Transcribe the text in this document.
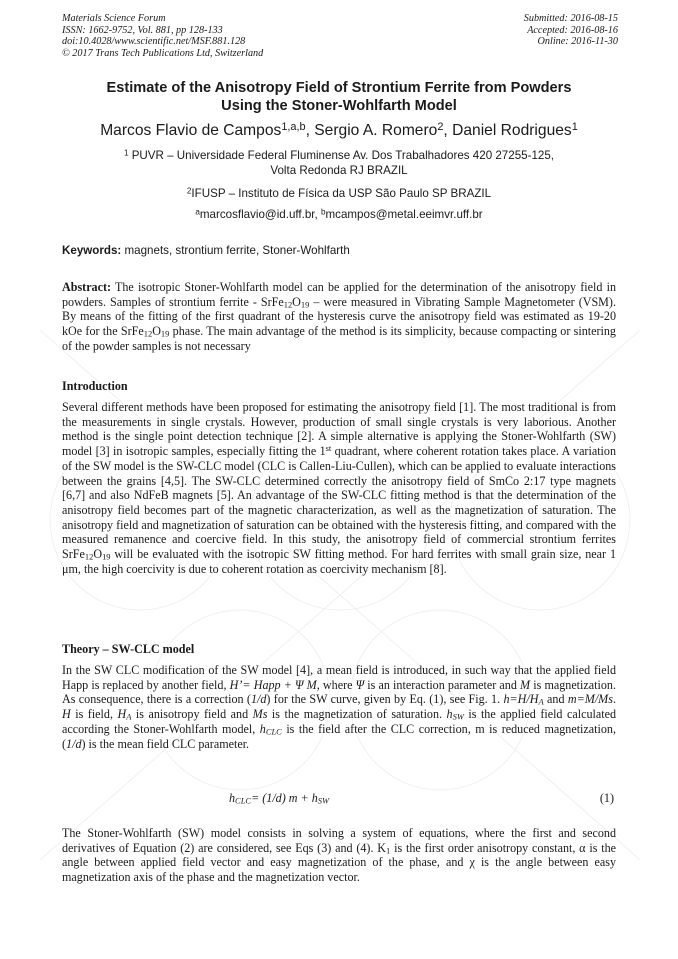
Materials Science Forum
ISSN: 1662-9752, Vol. 881, pp 128-133
doi:10.4028/www.scientific.net/MSF.881.128
© 2017 Trans Tech Publications Ltd, Switzerland
Submitted: 2016-08-15
Accepted: 2016-08-16
Online: 2016-11-30
Estimate of the Anisotropy Field of Strontium Ferrite from Powders
Using the Stoner-Wohlfarth Model
Marcos Flavio de Campos$^{1,a,b}$, Sergio A. Romero$^2$, Daniel Rodrigues$^1$
$^1$ PUVR – Universidade Federal Fluminense Av. Dos Trabalhadores 420 27255-125,
Volta Redonda RJ BRAZIL
$^2$IFUSP – Instituto de Física da USP São Paulo SP BRAZIL
$^a$marcosflavio@id.uff.br, $^b$mcampos@metal.eeimvr.uff.br
Keywords: magnets, strontium ferrite, Stoner-Wohlfarth
Abstract: The isotropic Stoner-Wohlfarth model can be applied for the determination of the anisotropy field in powders. Samples of strontium ferrite - $SrFe_{12}O_{19}$ – were measured in Vibrating Sample Magnetometer (VSM). By means of the fitting of the first quadrant of the hysteresis curve the anisotropy field was estimated as 19-20 kOe for the $SrFe_{12}O_{19}$ phase. The main advantage of the method is its simplicity, because compacting or sintering of the powder samples is not necessary
Introduction
Several different methods have been proposed for estimating the anisotropy field [1]. The most traditional is from the measurements in single crystals. However, production of small single crystals is very laborious. Another method is the single point detection technique [2]. A simple alternative is applying the Stoner-Wohlfarth (SW) model [3] in isotropic samples, especially fitting the 1st quadrant, where coherent rotation takes place. A variation of the SW model is the SW-CLC model (CLC is Callen-Liu-Cullen), which can be applied to evaluate interactions between the grains [4,5]. The SW-CLC determined correctly the anisotropy field of SmCo 2:17 type magnets [6,7] and also NdFeB magnets [5]. An advantage of the SW-CLC fitting method is that the determination of the anisotropy field becomes part of the magnetic characterization, as well as the magnetization of saturation. The anisotropy field and magnetization of saturation can be obtained with the hysteresis fitting, and compared with the measured remanence and coercive field. In this study, the anisotropy field of commercial strontium ferrites $SrFe_{12}O_{19}$ will be evaluated with the isotropic SW fitting method. For hard ferrites with small grain size, near 1 μm, the high coercivity is due to coherent rotation as coercivity mechanism [8].
Theory – SW-CLC model
In the SW CLC modification of the SW model [4], a mean field is introduced, in such way that the applied field Happ is replaced by another field, H’= Happ + Ψ M, where Ψ is an interaction parameter and M is magnetization. As consequence, there is a correction (1/d) for the SW curve, given by Eq. (1), see Fig. 1. $h=H/H_A$ and m=M/Ms. H is field, $H_A$ is anisotropy field and Ms is the magnetization of saturation. $h_{SW}$ is the applied field calculated according the Stoner-Wohlfarth model, $h_{CLC}$ is the field after the CLC correction, m is reduced magnetization, (1/d) is the mean field CLC parameter.
$h_{CLC}= (1/d) m + h_{SW}$	(1)
The Stoner-Wohlfarth (SW) model consists in solving a system of equations, where the first and second derivatives of Equation (2) are considered, see Eqs (3) and (4). $K_1$ is the first order anisotropy constant, α is the angle between applied field vector and easy magnetization of the phase, and χ is the angle between easy magnetization axis of the phase and the magnetization vector.
